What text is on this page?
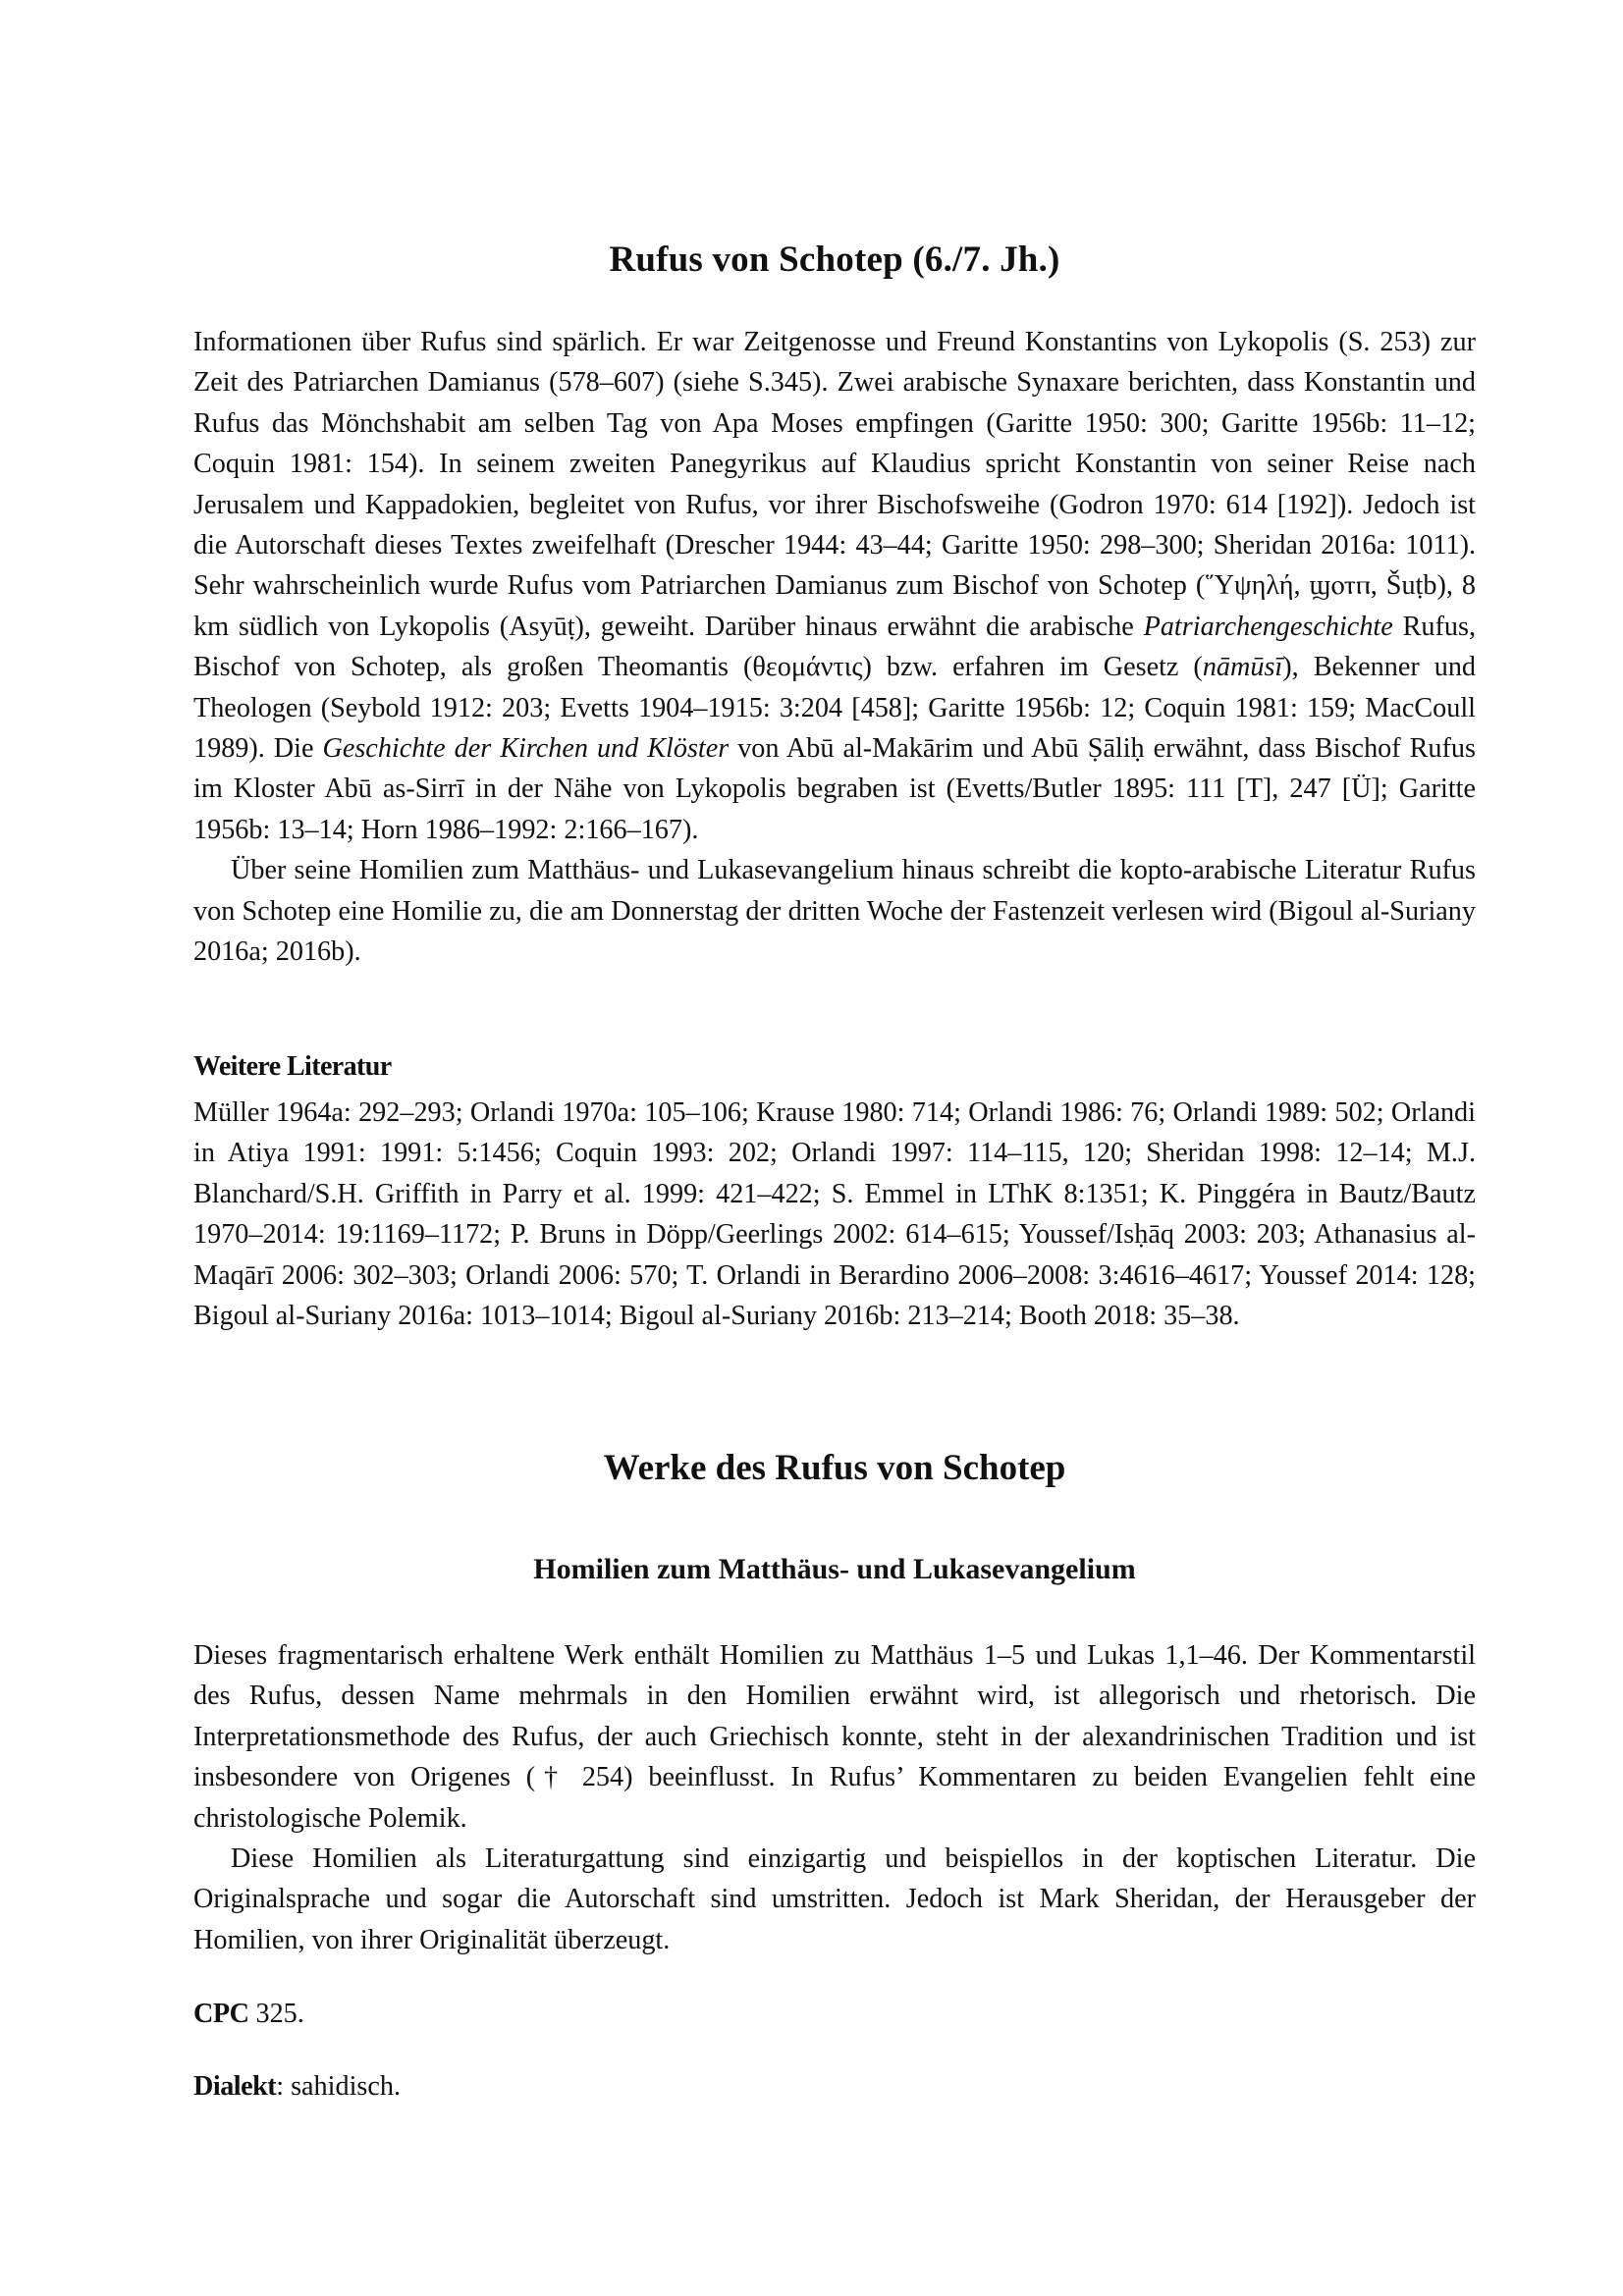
Rufus von Schotep (6./7. Jh.)

Informationen über Rufus sind spärlich. Er war Zeitgenosse und Freund Konstantins von Lykopolis (S. 253) zur Zeit des Patriarchen Damianus (578–607) (siehe S.345). Zwei arabische Synaxare berichten, dass Konstantin und Rufus das Mönchshabit am selben Tag von Apa Moses empfingen (Garitte 1950: 300; Garitte 1956b: 11–12; Coquin 1981: 154). In seinem zweiten Panegyrikus auf Klaudius spricht Konstantin von seiner Reise nach Jerusalem und Kappadokien, begleitet von Rufus, vor ihrer Bischofsweihe (Godron 1970: 614 [192]). Jedoch ist die Autorschaft dieses Textes zweifelhaft (Drescher 1944: 43–44; Garitte 1950: 298–300; Sheridan 2016a: 1011). Sehr wahrscheinlich wurde Rufus vom Patriarchen Damianus zum Bischof von Schotep (῞Υψηλή, ϣⲟⲧⲡ, Šuṭb), 8 km südlich von Lykopolis (Asyūṭ), geweiht. Darüber hinaus erwähnt die arabische Patriarchengeschichte Rufus, Bischof von Schotep, als großen Theomantis (θεομάντις) bzw. erfahren im Gesetz (nāmūsī), Bekenner und Theologen (Seybold 1912: 203; Evetts 1904–1915: 3:204 [458]; Garitte 1956b: 12; Coquin 1981: 159; MacCoull 1989). Die Geschichte der Kirchen und Klöster von Abū al-Makārim und Abū Ṣāliḥ erwähnt, dass Bischof Rufus im Kloster Abū as-Sirrī in der Nähe von Lykopolis begraben ist (Evetts/Butler 1895: 111 [T], 247 [Ü]; Garitte 1956b: 13–14; Horn 1986–1992: 2:166–167).

Über seine Homilien zum Matthäus- und Lukasevangelium hinaus schreibt die kopto-arabische Literatur Rufus von Schotep eine Homilie zu, die am Donnerstag der dritten Woche der Fastenzeit verlesen wird (Bigoul al-Suriany 2016a; 2016b).

Weitere Literatur

Müller 1964a: 292–293; Orlandi 1970a: 105–106; Krause 1980: 714; Orlandi 1986: 76; Orlandi 1989: 502; Orlandi in Atiya 1991: 1991: 5:1456; Coquin 1993: 202; Orlandi 1997: 114–115, 120; Sheridan 1998: 12–14; M.J. Blanchard/S.H. Griffith in Parry et al. 1999: 421–422; S. Emmel in LThK 8:1351; K. Pinggéra in Bautz/Bautz 1970–2014: 19:1169–1172; P. Bruns in Döpp/Geerlings 2002: 614–615; Youssef/Isḥāq 2003: 203; Athanasius al-Maqārī 2006: 302–303; Orlandi 2006: 570; T. Orlandi in Berardino 2006–2008: 3:4616–4617; Youssef 2014: 128; Bigoul al-Suriany 2016a: 1013–1014; Bigoul al-Suriany 2016b: 213–214; Booth 2018: 35–38.

Werke des Rufus von Schotep
Homilien zum Matthäus- und Lukasevangelium

Dieses fragmentarisch erhaltene Werk enthält Homilien zu Matthäus 1–5 und Lukas 1,1–46. Der Kommentarstil des Rufus, dessen Name mehrmals in den Homilien erwähnt wird, ist allegorisch und rhetorisch. Die Interpretationsmethode des Rufus, der auch Griechisch konnte, steht in der alexandrinischen Tradition und ist insbesondere von Origenes († 254) beeinflusst. In Rufus’ Kommentaren zu beiden Evangelien fehlt eine christologische Polemik.

Diese Homilien als Literaturgattung sind einzigartig und beispiellos in der koptischen Literatur. Die Originalsprache und sogar die Autorschaft sind umstritten. Jedoch ist Mark Sheridan, der Herausgeber der Homilien, von ihrer Originalität überzeugt.

CPC 325.
Dialekt: sahidisch.
